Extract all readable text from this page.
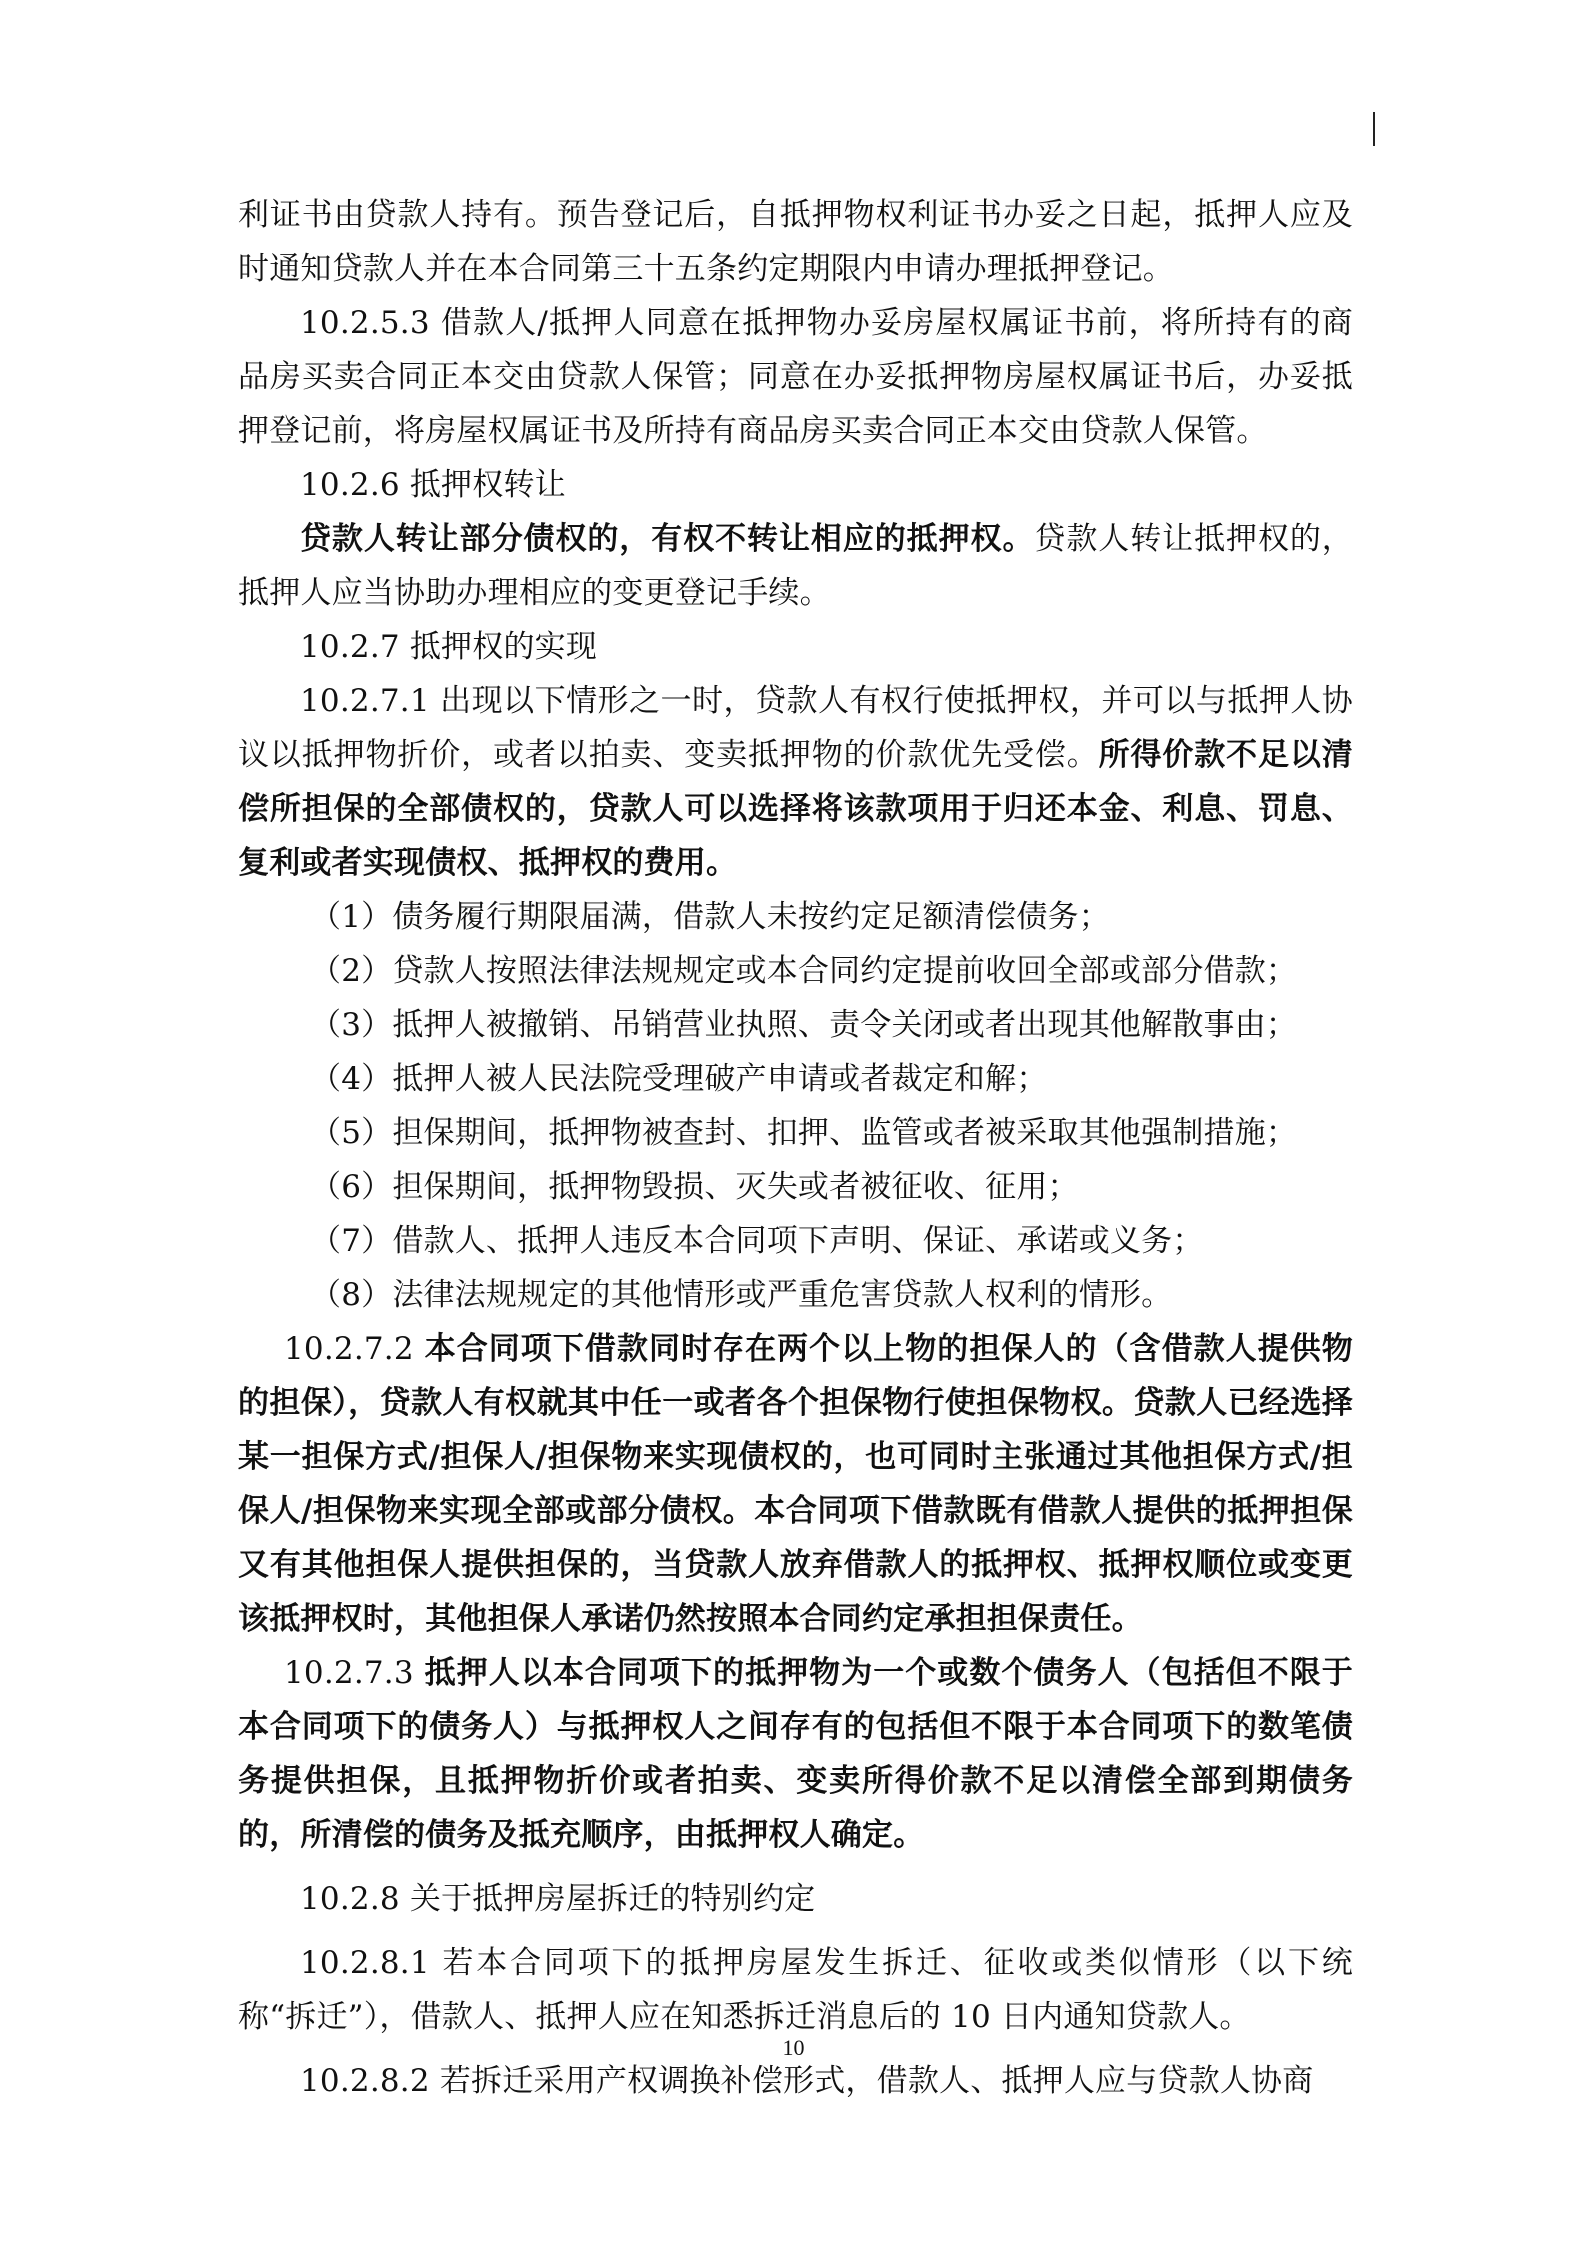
利证书由贷款人持有。预告登记后，自抵押物权利证书办妥之日起，抵押人应及时通知贷款人并在本合同第三十五条约定期限内申请办理抵押登记。

10.2.5.3 借款人/抵押人同意在抵押物办妥房屋权属证书前，将所持有的商品房买卖合同正本交由贷款人保管；同意在办妥抵押物房屋权属证书后，办妥抵押登记前，将房屋权属证书及所持有商品房买卖合同正本交由贷款人保管。

10.2.6 抵押权转让

贷款人转让部分债权的，有权不转让相应的抵押权。贷款人转让抵押权的，抵押人应当协助办理相应的变更登记手续。

10.2.7 抵押权的实现

10.2.7.1 出现以下情形之一时，贷款人有权行使抵押权，并可以与抵押人协议以抵押物折价，或者以拍卖、变卖抵押物的价款优先受偿。所得价款不足以清偿所担保的全部债权的，贷款人可以选择将该款项用于归还本金、利息、罚息、复利或者实现债权、抵押权的费用。

（1）债务履行期限届满，借款人未按约定足额清偿债务；

（2）贷款人按照法律法规规定或本合同约定提前收回全部或部分借款；

（3）抵押人被撤销、吊销营业执照、责令关闭或者出现其他解散事由；

（4）抵押人被人民法院受理破产申请或者裁定和解；

（5）担保期间，抵押物被查封、扣押、监管或者被采取其他强制措施；

（6）担保期间，抵押物毁损、灭失或者被征收、征用；

（7）借款人、抵押人违反本合同项下声明、保证、承诺或义务；

（8）法律法规规定的其他情形或严重危害贷款人权利的情形。

10.2.7.2 本合同项下借款同时存在两个以上物的担保人的（含借款人提供物的担保），贷款人有权就其中任一或者各个担保物行使担保物权。贷款人已经选择某一担保方式/担保人/担保物来实现债权的，也可同时主张通过其他担保方式/担保人/担保物来实现全部或部分债权。本合同项下借款既有借款人提供的抵押担保又有其他担保人提供担保的，当贷款人放弃借款人的抵押权、抵押权顺位或变更该抵押权时，其他担保人承诺仍然按照本合同约定承担担保责任。

10.2.7.3 抵押人以本合同项下的抵押物为一个或数个债务人（包括但不限于本合同项下的债务人）与抵押权人之间存有的包括但不限于本合同项下的数笔债务提供担保，且抵押物折价或者拍卖、变卖所得价款不足以清偿全部到期债务的，所清偿的债务及抵充顺序，由抵押权人确定。

10.2.8 关于抵押房屋拆迁的特别约定

10.2.8.1 若本合同项下的抵押房屋发生拆迁、征收或类似情形（以下统称“拆迁”），借款人、抵押人应在知悉拆迁消息后的 10 日内通知贷款人。

10.2.8.2 若拆迁采用产权调换补偿形式，借款人、抵押人应与贷款人协商

10
